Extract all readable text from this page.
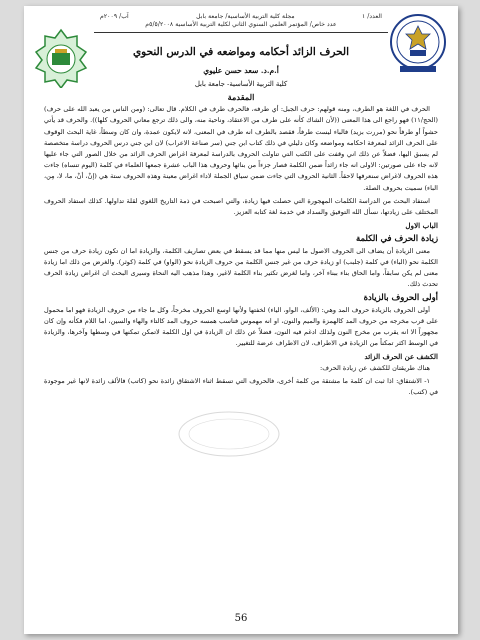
العدد/ ١
مجلة كلية التربية الأساسية/ جامعة بابل
آب/ ٢٠٠٩م
عدد خاص/ المؤتمر العلمي السنوي الثاني لكلية التربية الأساسية ٥/٥/٢٠٠٨م
الحرف الزائد أحكامه ومواضعه في الدرس النحوي
أ.م.د. سعد حسن عليوي
كلية التربية الأساسية- جامعة بابل
المقدمة

الحرف في اللغة هو الطرف، ومنه قولهم: حرف الجبل: أي طرفه، فالحرف طرف في الكلام. قال تعالى: (ومن الناس من يعبد الله على حرف) (الحج/١١) فهو راجع الى هذا المعنى ((لأن الشاك كأنه على طرف من الاعتقاد، وناحية منه، والى ذلك ترجع معاني الحروف كلها)). والحرف قد يأتي حشواً أو طرفاً نحو (مررت بزيد) فالباء ليست طرفاً، فقصد بالطرف انه طرف في المعنى، لانه لايكون عمدة، وان كان وسطاً، غاية البحث الوقوف على الحرف الزائد لمعرفة احكامه ومواضعه وكان دليلي في ذلك كتاب ابن جني (سر صناعة الاعراب) لان ابن جني درس الحروف دراسة متخصصة لم يسبق اليها، فضلاً عن ذلك اني وقفت على الكتب التي تناولت الحروف بالدراسة لمعرفة اغراض الحرف الزائد من خلال الصور التي جاء عليها لانه جاء على صورتين: الاولى انه جاء زائداً ضمن الكلمة فصار جزءاً من بنائها وحروف هذا الباب عشرة جمعها العلماء في كلمة (اليوم تنساه) جاءت هذه الحروف لاغراض سنعرفها لاحقاً. الثانية الحروف التي جاءت ضمن سياق الجملة لاداء اغراض معينة وهذه الحروف ستة هي (إنْ، أنْ، ما، لا، مِن، الباء) سميت بحروف الصلة.

استفاد البحث من الدراسة الكلمات المهجورة التي حصلت فيها زيادة، والتي اصبحت في ذمة التاريخ اللغوي لقلة تداولها. كذلك استفاد الحروف المختلف على زيادتها، نسأل الله التوفيق والسداد في خدمة لغة كتابه العزيز.

الباب الاول
زيادة الحرف في الكلمة

معنى الزيادة أن يضاف الى الحروف الاصول ما ليس منها مما قد يسقط في بعض تصاريف الكلمة، والزيادة اما ان تكون زيادة حرف من جنس الكلمة نحو (الباء) في كلمة (جلبب) او زيادة حرف من غير جنس الكلمة من حروف الزيادة نحو (الواو) في كلمة (كوثر). والغرض من ذلك اما زيادة معنى لم يكن سابقاً، واما الحاق بناء ببناء آخر، واما لغرض تكثير بناء الكلمة لاغير، وهذا مذهب اليه النحاة وسيرى البحث ان اغراض زيادة الحرف تحدث ذلك.

أولى الحروف بالزيادة

أولى الحروف بالزيادة حروف المد وهي: (الألف، الواو، الياء) لخفتها ولأنها اوسع الحروف مخرجاً، وكل ما جاء من حروف الزيادة فهو اما محمول على قرب مخرجه من حروف المد كالهمزة والميم والنون، او انه مهموس فناسب همسه حروف المد كالتاء والهاء والسين، اما اللام فكأنه وإن كان مجهوراً الا انه يقرب من مخرج النون ولذلك ادغم فيه النون، فضلاً عن ذلك ان الزيادة في اول الكلمة لاتمكن تمكنها في وسطها وآخرها، والزيادة في الوسط اكثر تمكناً من الزيادة في الاطراف، لان الاطراف عرضة للتغيير.

الكشف عن الحرف الزائد

هناك طريقتان للكشف عن زيادة الحرف:

١- الاشتقاق: اذا ثبت ان كلمة ما مشتقة من كلمة أخرى، فالحروف التي تسقط اثناء الاشتقاق زائدة نحو (كاتب) فالألف زائدة لانها غير موجودة في (كتب).

56
